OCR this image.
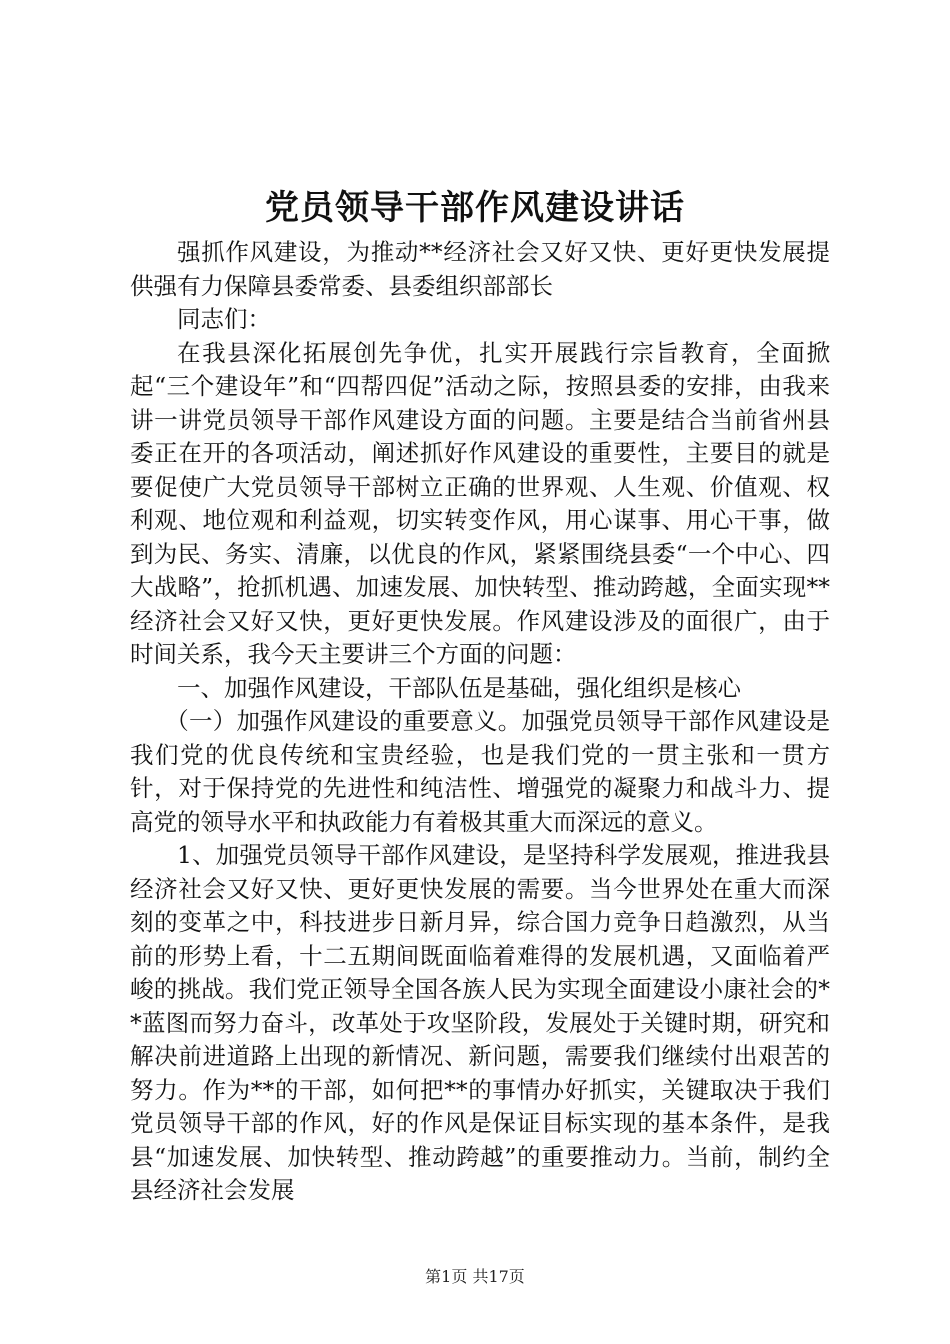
党员领导干部作风建设讲话

强抓作风建设，为推动**经济社会又好又快、更好更快发展提供强有力保障县委常委、县委组织部部长

同志们：

在我县深化拓展创先争优，扎实开展践行宗旨教育，全面掀起“三个建设年”和“四帮四促”活动之际，按照县委的安排，由我来讲一讲党员领导干部作风建设方面的问题。主要是结合当前省州县委正在开的各项活动，阐述抓好作风建设的重要性，主要目的就是要促使广大党员领导干部树立正确的世界观、人生观、价值观、权利观、地位观和利益观，切实转变作风，用心谋事、用心干事，做到为民、务实、清廉，以优良的作风，紧紧围绕县委“一个中心、四大战略”，抢抓机遇、加速发展、加快转型、推动跨越，全面实现**经济社会又好又快，更好更快发展。作风建设涉及的面很广，由于时间关系，我今天主要讲三个方面的问题：

一、加强作风建设，干部队伍是基础，强化组织是核心

（一）加强作风建设的重要意义。加强党员领导干部作风建设是我们党的优良传统和宝贵经验，也是我们党的一贯主张和一贯方针，对于保持党的先进性和纯洁性、增强党的凝聚力和战斗力、提高党的领导水平和执政能力有着极其重大而深远的意义。

1、加强党员领导干部作风建设，是坚持科学发展观，推进我县经济社会又好又快、更好更快发展的需要。当今世界处在重大而深刻的变革之中，科技进步日新月异，综合国力竞争日趋激烈，从当前的形势上看，十二五期间既面临着难得的发展机遇，又面临着严峻的挑战。我们党正领导全国各族人民为实现全面建设小康社会的**蓝图而努力奋斗，改革处于攻坚阶段，发展处于关键时期，研究和解决前进道路上出现的新情况、新问题，需要我们继续付出艰苦的努力。作为**的干部，如何把**的事情办好抓实，关键取决于我们党员领导干部的作风，好的作风是保证目标实现的基本条件，是我县“加速发展、加快转型、推动跨越”的重要推动力。当前，制约全县经济社会发展

第1页 共17页
